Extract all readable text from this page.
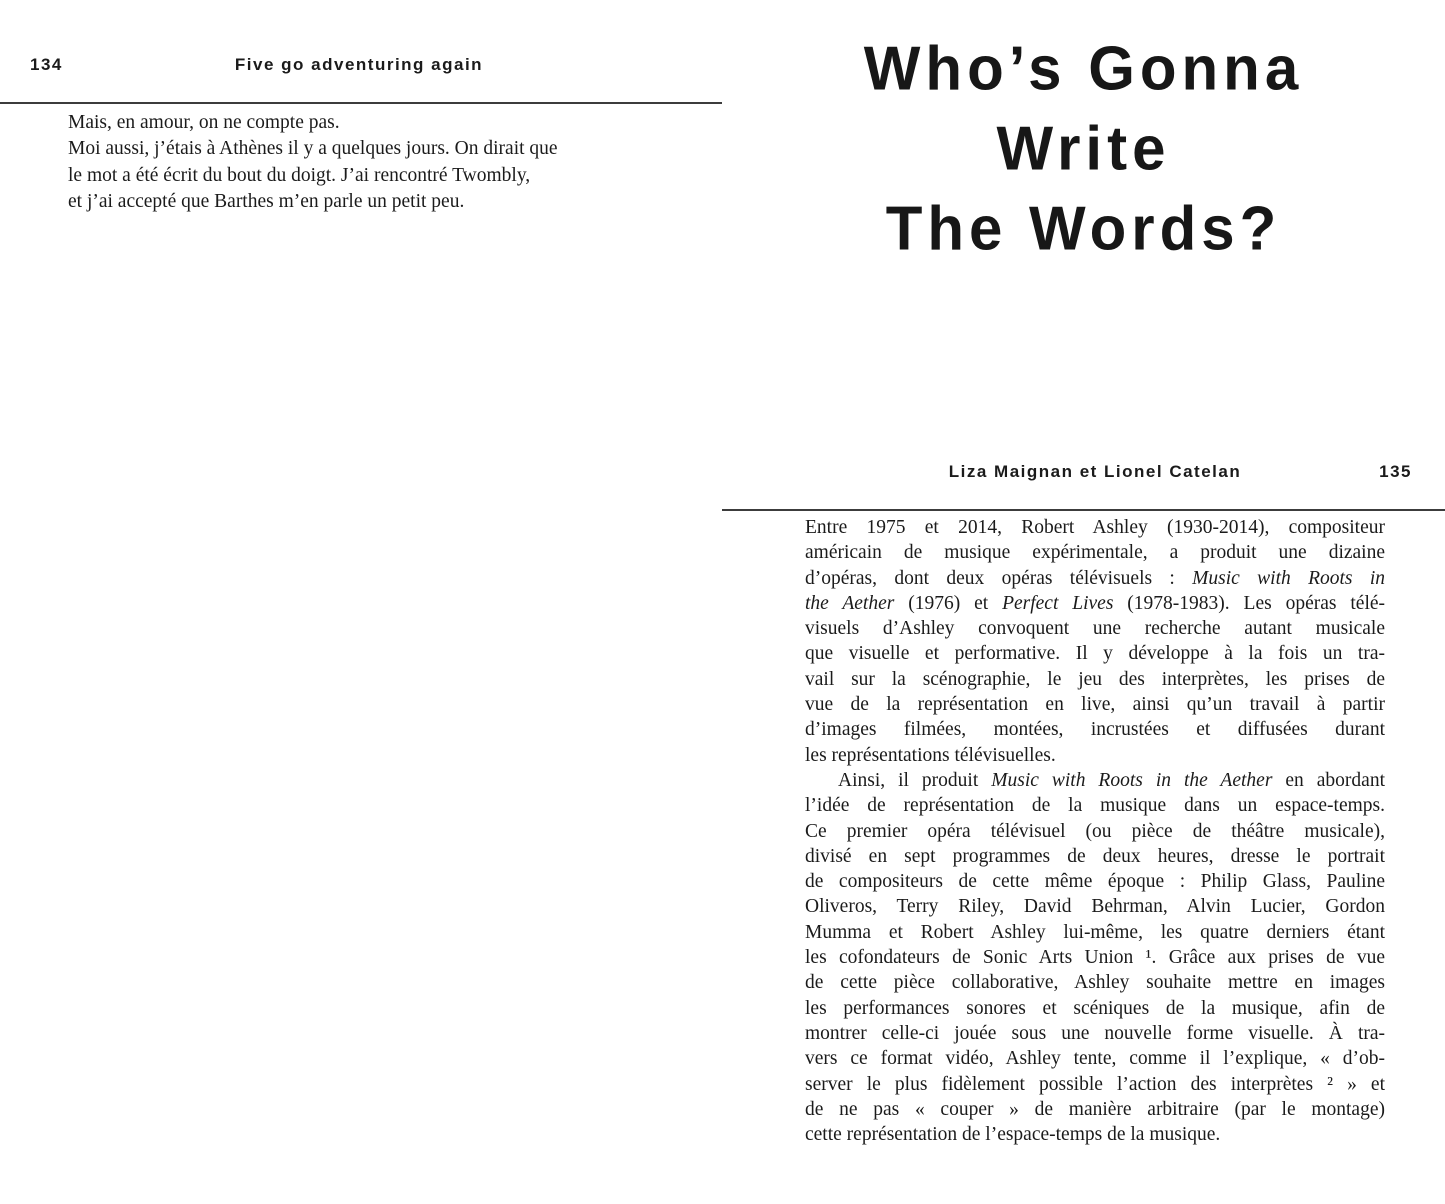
134	Five go adventuring again
Mais, en amour, on ne compte pas.
Moi aussi, j’étais à Athènes il y a quelques jours. On dirait que
le mot a été écrit du bout du doigt. J’ai rencontré Twombly,
et j’ai accepté que Barthes m’en parle un petit peu.
Who’s Gonna
Write
The Words?
Liza Maignan et Lionel Catelan	135
Entre 1975 et 2014, Robert Ashley (1930-2014), compositeur
américain de musique expérimentale, a produit une dizaine
d’opéras, dont deux opéras télévisuels : Music with Roots in
the Aether (1976) et Perfect Lives (1978-1983). Les opéras télé-
visuels d’Ashley convoquent une recherche autant musicale
que visuelle et performative. Il y développe à la fois un tra-
vail sur la scénographie, le jeu des interprètes, les prises de
vue de la représentation en live, ainsi qu’un travail à partir
d’images filmées, montées, incrustées et diffusées durant
les représentations télévisuelles.
Ainsi, il produit Music with Roots in the Aether en abordant
l’idée de représentation de la musique dans un espace-temps.
Ce premier opéra télévisuel (ou pièce de théâtre musicale),
divisé en sept programmes de deux heures, dresse le portrait
de compositeurs de cette même époque : Philip Glass, Pauline
Oliveros, Terry Riley, David Behrman, Alvin Lucier, Gordon
Mumma et Robert Ashley lui-même, les quatre derniers étant
les cofondateurs de Sonic Arts Union ¹. Grâce aux prises de vue
de cette pièce collaborative, Ashley souhaite mettre en images
les performances sonores et scéniques de la musique, afin de
montrer celle-ci jouée sous une nouvelle forme visuelle. À tra-
vers ce format vidéo, Ashley tente, comme il l’explique, « d’ob-
server le plus fidèlement possible l’action des interprètes ² » et
de ne pas « couper » de manière arbitraire (par le montage)
cette représentation de l’espace-temps de la musique.
